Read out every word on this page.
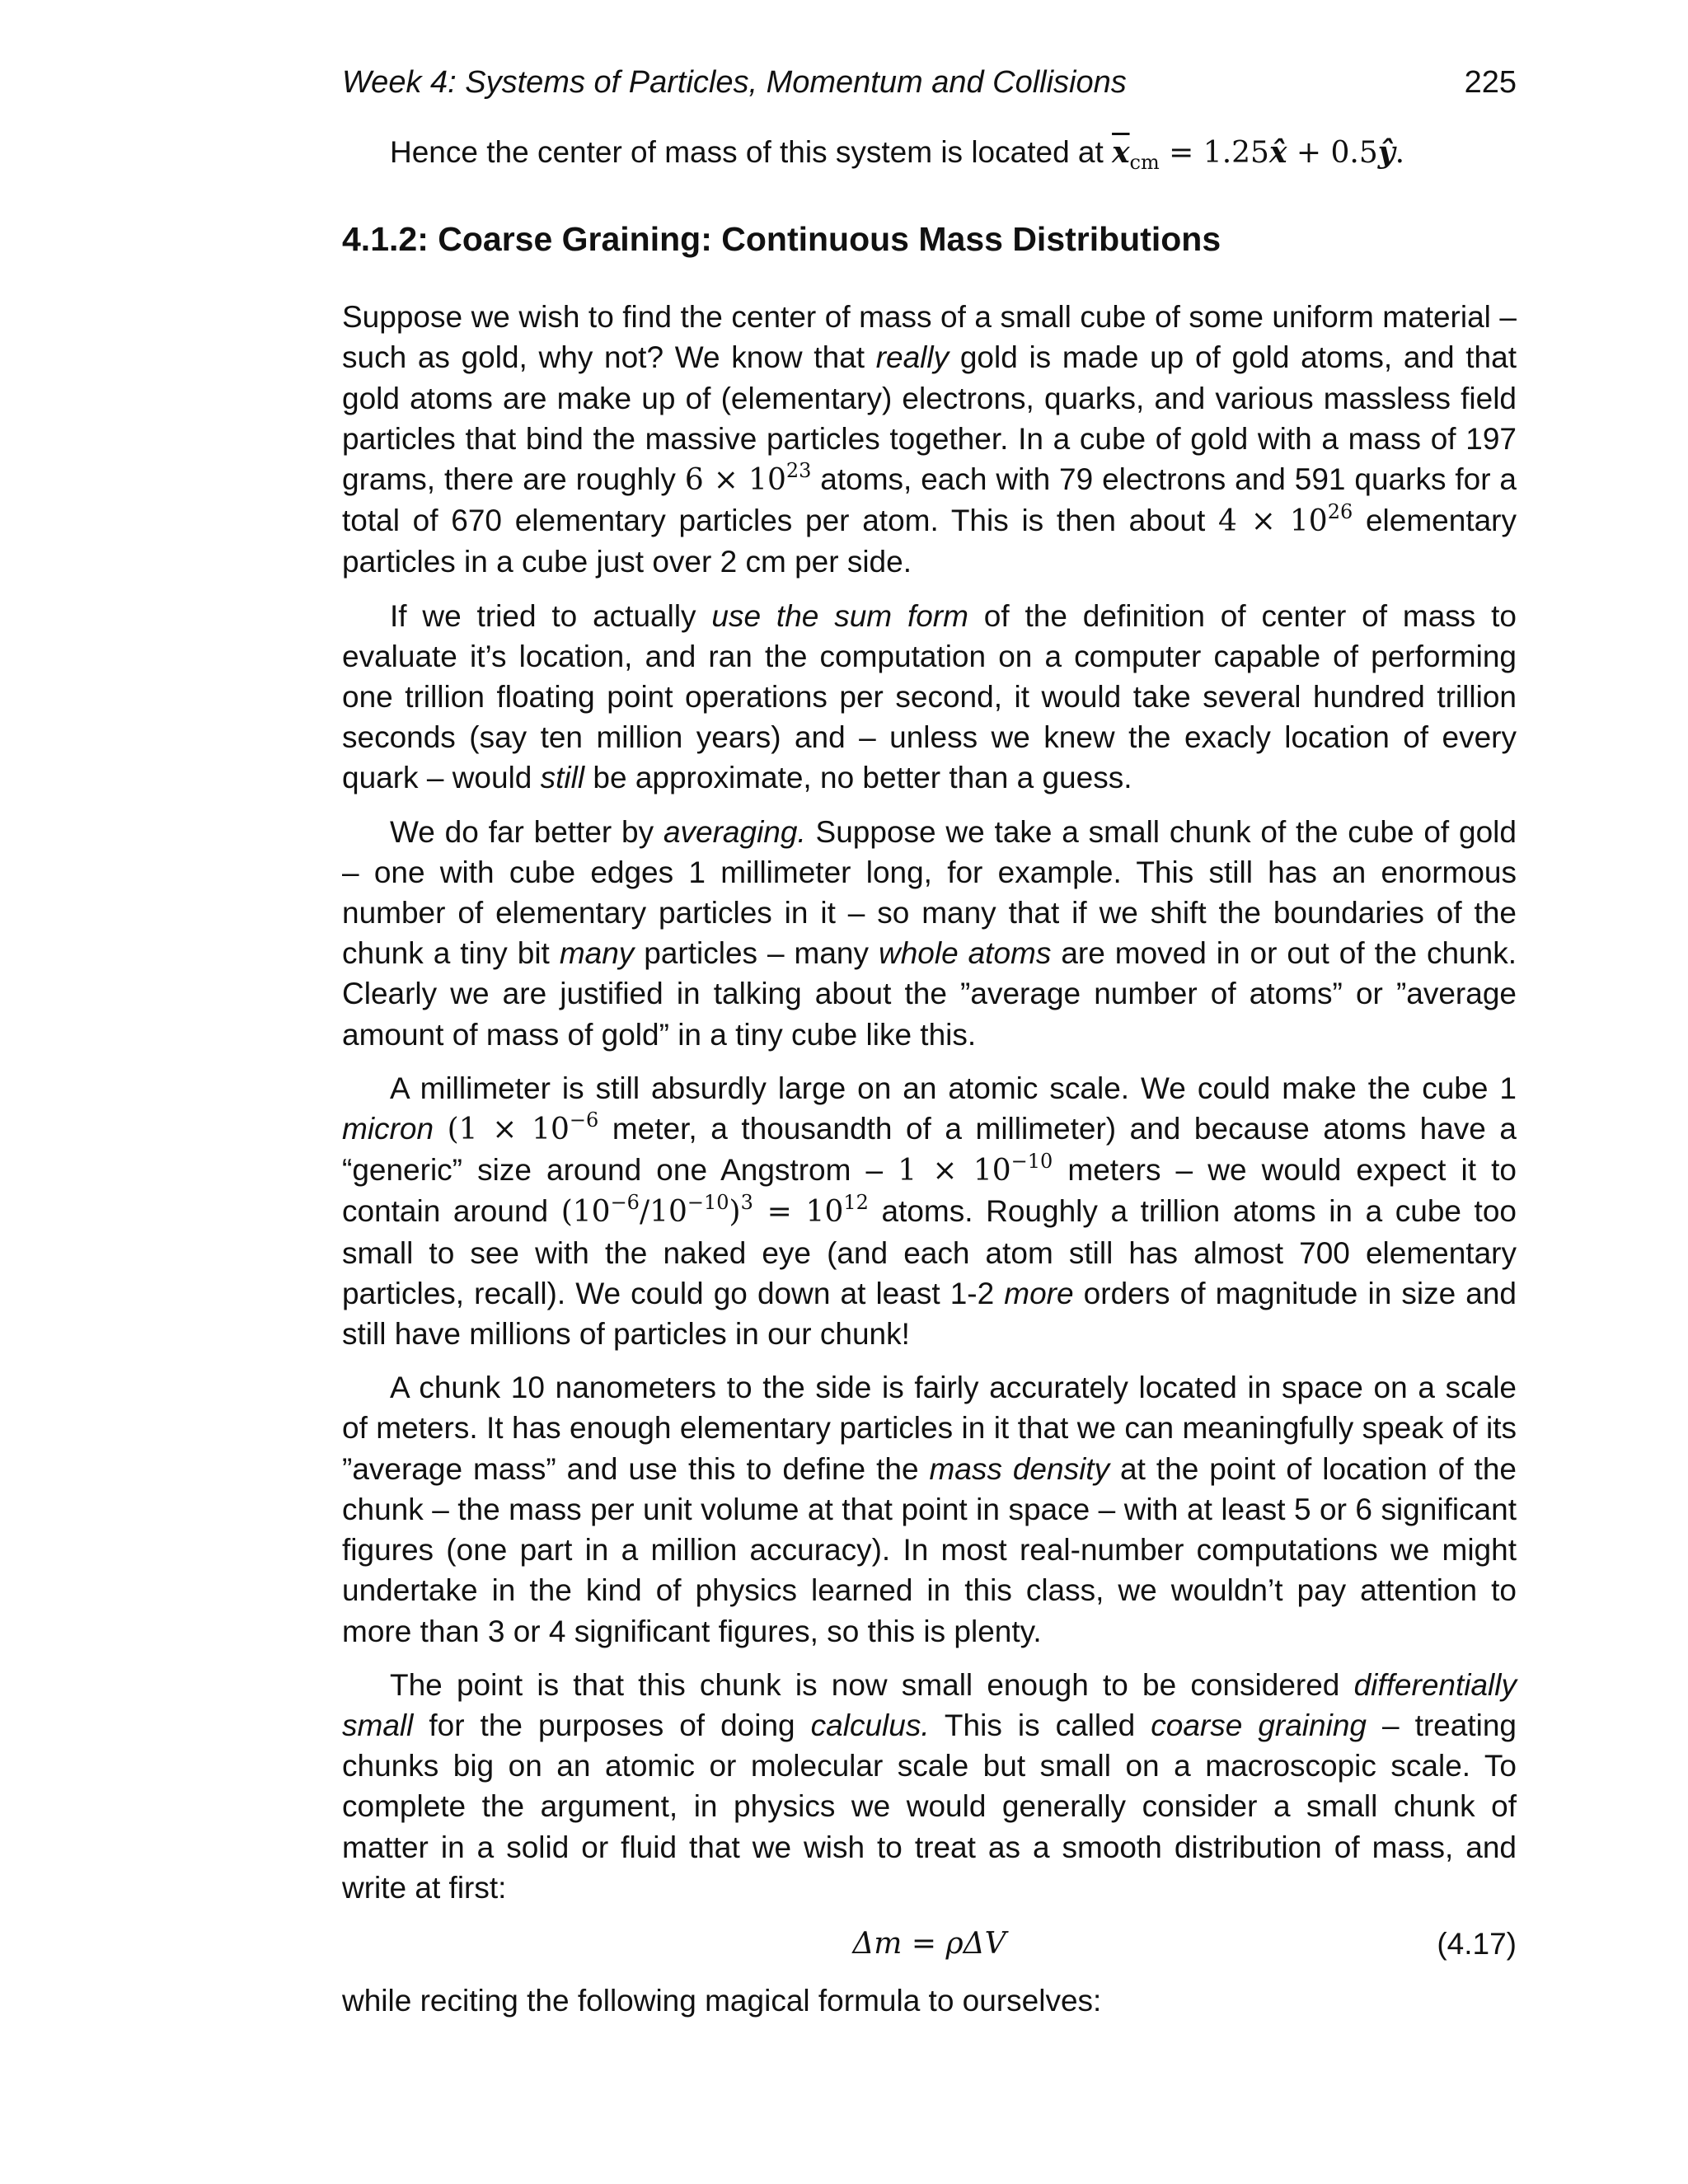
Week 4: Systems of Particles, Momentum and Collisions	225

Hence the center of mass of this system is located at $\overline{x}_{cm}$ = 1.25x̂ + 0.5ŷ.

4.1.2: Coarse Graining: Continuous Mass Distributions

Suppose we wish to find the center of mass of a small cube of some uniform material – such as gold, why not? We know that really gold is made up of gold atoms, and that gold atoms are make up of (elementary) electrons, quarks, and various massless field particles that bind the massive particles together. In a cube of gold with a mass of 197 grams, there are roughly $6 \times 10^{23}$ atoms, each with 79 electrons and 591 quarks for a total of 670 elementary particles per atom. This is then about $4 \times 10^{26}$ elementary particles in a cube just over 2 cm per side.

If we tried to actually use the sum form of the definition of center of mass to evaluate it’s location, and ran the computation on a computer capable of performing one trillion floating point operations per second, it would take several hundred trillion seconds (say ten million years) and – unless we knew the exacly location of every quark – would still be approximate, no better than a guess.

We do far better by averaging. Suppose we take a small chunk of the cube of gold – one with cube edges 1 millimeter long, for example. This still has an enormous number of elementary particles in it – so many that if we shift the boundaries of the chunk a tiny bit many particles – many whole atoms are moved in or out of the chunk. Clearly we are justified in talking about the ”average number of atoms” or ”average amount of mass of gold” in a tiny cube like this.

A millimeter is still absurdly large on an atomic scale. We could make the cube 1 micron ($1 \times 10^{-6}$ meter, a thousandth of a millimeter) and because atoms have a “generic” size around one Angstrom – $1 \times 10^{-10}$ meters – we would expect it to contain around $(10^{-6}/10^{-10})^3 = 10^{12}$ atoms. Roughly a trillion atoms in a cube too small to see with the naked eye (and each atom still has almost 700 elementary particles, recall). We could go down at least 1-2 more orders of magnitude in size and still have millions of particles in our chunk!

A chunk 10 nanometers to the side is fairly accurately located in space on a scale of meters. It has enough elementary particles in it that we can meaningfully speak of its ”average mass” and use this to define the mass density at the point of location of the chunk – the mass per unit volume at that point in space – with at least 5 or 6 significant figures (one part in a million accuracy). In most real-number computations we might undertake in the kind of physics learned in this class, we wouldn’t pay attention to more than 3 or 4 significant figures, so this is plenty.

The point is that this chunk is now small enough to be considered differentially small for the purposes of doing calculus. This is called coarse graining – treating chunks big on an atomic or molecular scale but small on a macroscopic scale. To complete the argument, in physics we would generally consider a small chunk of matter in a solid or fluid that we wish to treat as a smooth distribution of mass, and write at first:

Δm = ρΔV	(4.17)

while reciting the following magical formula to ourselves:
